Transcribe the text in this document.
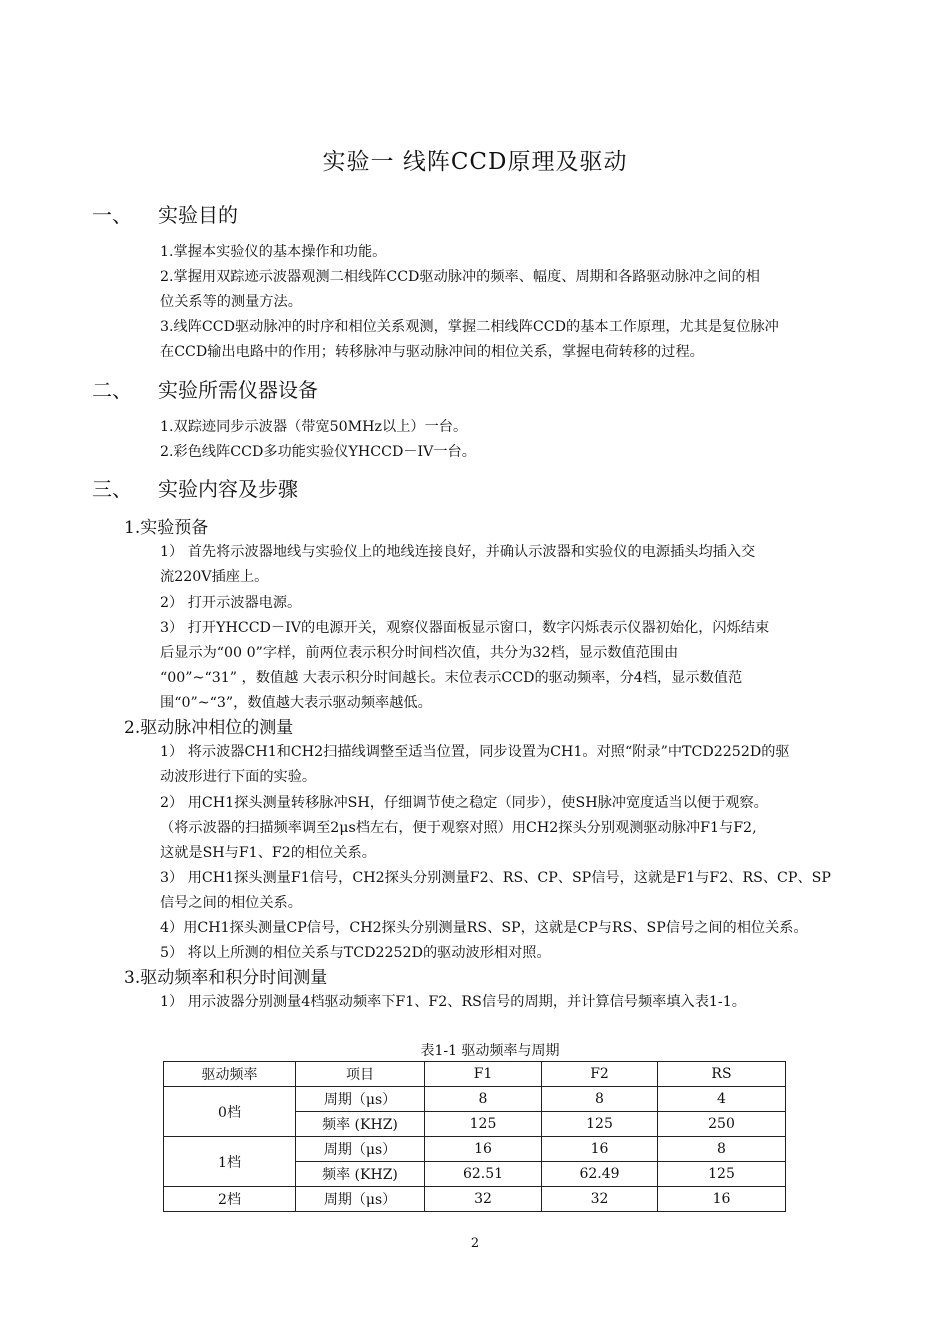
实验一 线阵CCD原理及驱动
一、 实验目的
1.掌握本实验仪的基本操作和功能。
2.掌握用双踪迹示波器观测二相线阵CCD驱动脉冲的频率、幅度、周期和各路驱动脉冲之间的相
位关系等的测量方法。
3.线阵CCD驱动脉冲的时序和相位关系观测，掌握二相线阵CCD的基本工作原理，尤其是复位脉冲
在CCD输出电路中的作用；转移脉冲与驱动脉冲间的相位关系，掌握电荷转移的过程。
二、 实验所需仪器设备
1.双踪迹同步示波器（带宽50MHz以上）一台。
2.彩色线阵CCD多功能实验仪YHCCD－IV一台。
三、 实验内容及步骤
1.实验预备
1） 首先将示波器地线与实验仪上的地线连接良好，并确认示波器和实验仪的电源插头均插入交
流220V插座上。
2） 打开示波器电源。
3） 打开YHCCD－IV的电源开关，观察仪器面板显示窗口，数字闪烁表示仪器初始化，闪烁结束
后显示为“00 0”字样，前两位表示积分时间档次值，共分为32档，显示数值范围由
“00”~“31” ，数值越 大表示积分时间越长。末位表示CCD的驱动频率，分4档，显示数值范
围“0”~“3”，数值越大表示驱动频率越低。
2.驱动脉冲相位的测量
1） 将示波器CH1和CH2扫描线调整至适当位置，同步设置为CH1。对照“附录”中TCD2252D的驱
动波形进行下面的实验。
2） 用CH1探头测量转移脉冲SH，仔细调节使之稳定（同步），使SH脉冲宽度适当以便于观察。
（将示波器的扫描频率调至2μs档左右，便于观察对照）用CH2探头分别观测驱动脉冲F1与F2,
这就是SH与F1、F2的相位关系。
3） 用CH1探头测量F1信号，CH2探头分别测量F2、RS、CP、SP信号，这就是F1与F2、RS、CP、SP
信号之间的相位关系。
4）用CH1探头测量CP信号，CH2探头分别测量RS、SP，这就是CP与RS、SP信号之间的相位关系。
5） 将以上所测的相位关系与TCD2252D的驱动波形相对照。
3.驱动频率和积分时间测量
1） 用示波器分别测量4档驱动频率下F1、F2、RS信号的周期，并计算信号频率填入表1-1。
表1-1 驱动频率与周期
驱动频率	项目	F1	F2	RS
0档	周期（μs）	8	8	4
	频率 (KHZ)	125	125	250
1档	周期（μs）	16	16	8
	频率 (KHZ)	62.51	62.49	125
2档	周期（μs）	32	32	16
2
